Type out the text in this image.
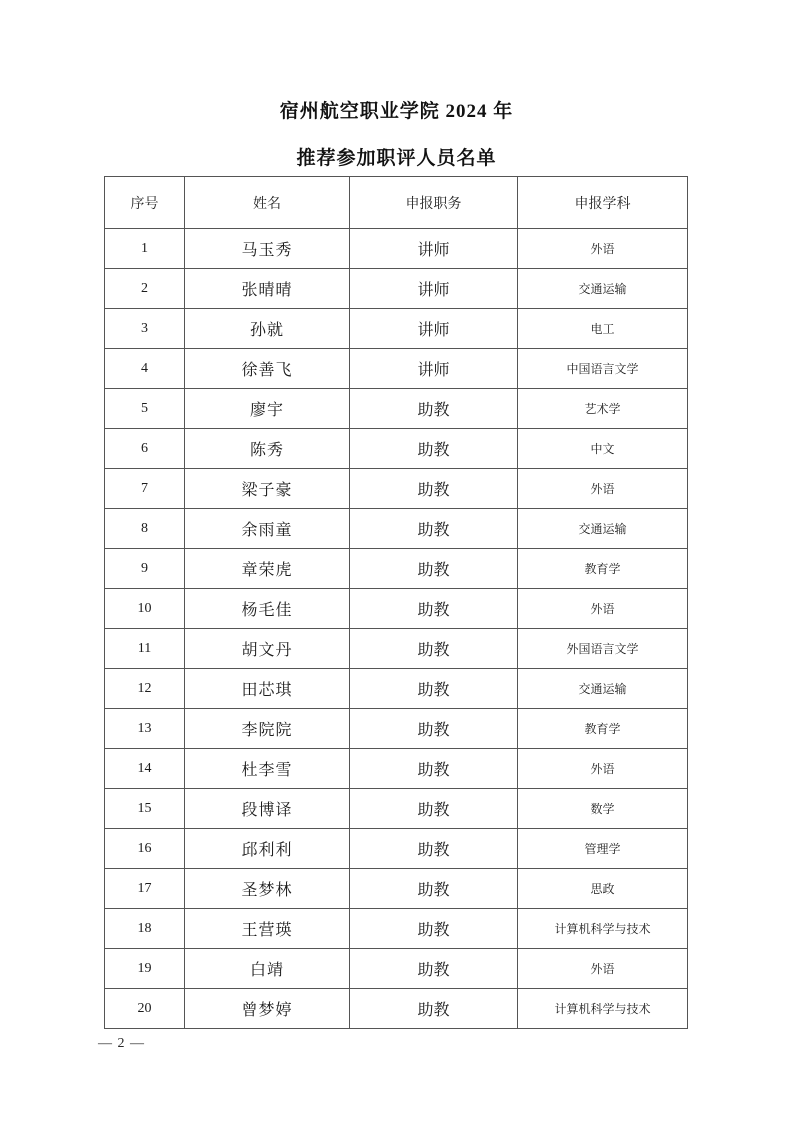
宿州航空职业学院 2024 年
推荐参加职评人员名单
序号	姓名	申报职务	申报学科
1	马玉秀	讲师	外语
2	张晴晴	讲师	交通运输
3	孙就	讲师	电工
4	徐善飞	讲师	中国语言文学
5	廖宇	助教	艺术学
6	陈秀	助教	中文
7	梁子豪	助教	外语
8	余雨童	助教	交通运输
9	章荣虎	助教	教育学
10	杨毛佳	助教	外语
11	胡文丹	助教	外国语言文学
12	田芯琪	助教	交通运输
13	李院院	助教	教育学
14	杜李雪	助教	外语
15	段博译	助教	数学
16	邱利利	助教	管理学
17	圣梦林	助教	思政
18	王营瑛	助教	计算机科学与技术
19	白靖	助教	外语
20	曾梦婷	助教	计算机科学与技术
— 2 —
